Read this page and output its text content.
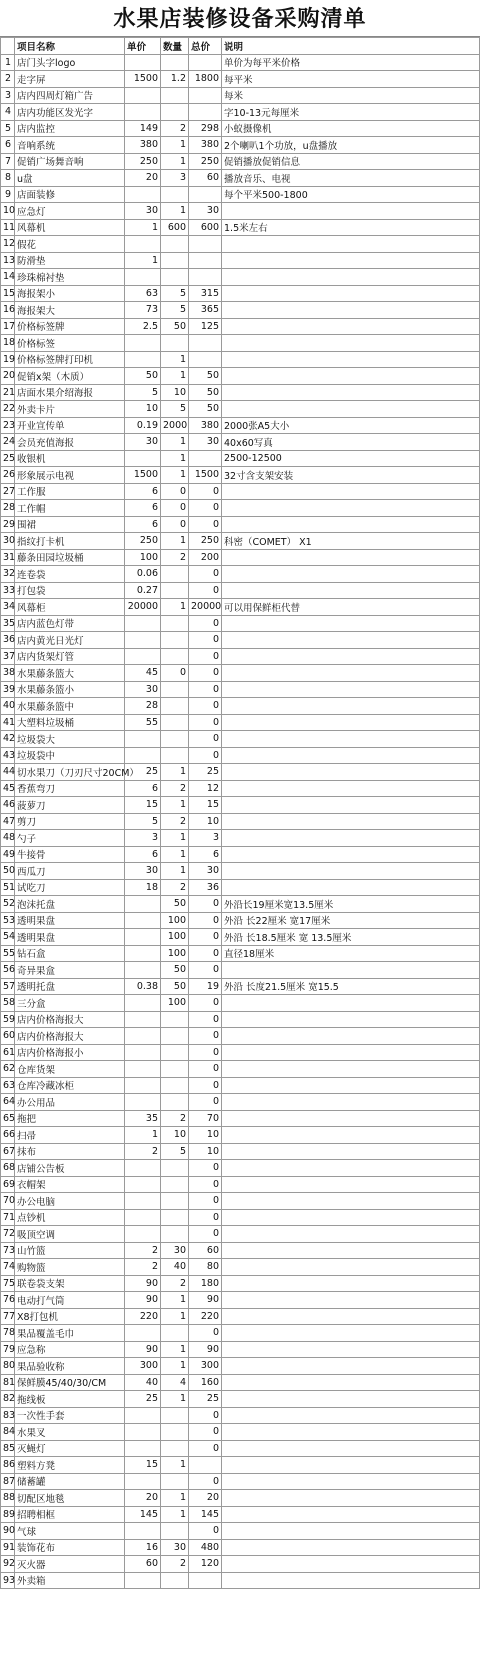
水果店装修设备采购清单
	项目名称	单价	数量	总价	说明
1	店门头字logo				单价为每平米价格
2	走字屏	1500	1.2	1800	每平米
3	店内四周灯箱广告				每米
4	店内功能区发光字				字10-13元每厘米
5	店内监控	149	2	298	小蚁摄像机
6	音响系统	380	1	380	2个喇叭1个功放，u盘播放
7	促销广场舞音响	250	1	250	促销播放促销信息
8	u盘	20	3	60	播放音乐、电视
9	店面装修				每个平米500-1800
10	应急灯	30	1	30	
11	风幕机	1	600	600	1.5米左右
12	假花				
13	防滑垫	1			
14	珍珠棉衬垫				
15	海报架小	63	5	315	
16	海报架大	73	5	365	
17	价格标签牌	2.5	50	125	
18	价格标签				
19	价格标签牌打印机		1		
20	促销x架（木质）	50	1	50	
21	店面水果介绍海报	5	10	50	
22	外卖卡片	10	5	50	
23	开业宣传单	0.19	2000	380	2000张A5大小
24	会员充值海报	30	1	30	40x60写真
25	收银机		1		2500-12500
26	形象展示电视	1500	1	1500	32寸含支架安装
27	工作服	6	0	0	
28	工作帽	6	0	0	
29	围裙	6	0	0	
30	指纹打卡机	250	1	250	科密（COMET） X1
31	藤条田园垃圾桶	100	2	200	
32	连卷袋	0.06		0	
33	打包袋	0.27		0	
34	风幕柜	20000	1	20000	可以用保鲜柜代替
35	店内蓝色灯带			0	
36	店内黄光日光灯			0	
37	店内货架灯管			0	
38	水果藤条篮大	45	0	0	
39	水果藤条篮小	30		0	
40	水果藤条篮中	28		0	
41	大塑料垃圾桶	55		0	
42	垃圾袋大			0	
43	垃圾袋中			0	
44	切水果刀（刀刃尺寸20CM）	25	1	25	
45	香蕉弯刀	6	2	12	
46	菠萝刀	15	1	15	
47	剪刀	5	2	10	
48	勺子	3	1	3	
49	牛接骨	6	1	6	
50	西瓜刀	30	1	30	
51	试吃刀	18	2	36	
52	泡沫托盘		50	0	外沿长19厘米宽13.5厘米
53	透明果盘		100	0	外沿 长22厘米 宽17厘米
54	透明果盘		100	0	外沿 长18.5厘米 宽 13.5厘米
55	钻石盒		100	0	直径18厘米
56	奇异果盒		50	0	
57	透明托盘	0.38	50	19	外沿 长度21.5厘米 宽15.5
58	三分盒		100	0	
59	店内价格海报大			0	
60	店内价格海报大			0	
61	店内价格海报小			0	
62	仓库货架			0	
63	仓库冷藏冰柜			0	
64	办公用品			0	
65	拖把	35	2	70	
66	扫帚	1	10	10	
67	抹布	2	5	10	
68	店铺公告板			0	
69	衣帽架			0	
70	办公电脑			0	
71	点钞机			0	
72	吸顶空调			0	
73	山竹篮	2	30	60	
74	购物篮	2	40	80	
75	联卷袋支架	90	2	180	
76	电动打气筒	90	1	90	
77	X8打包机	220	1	220	
78	果品覆盖毛巾			0	
79	应急称	90	1	90	
80	果品验收称	300	1	300	
81	保鲜膜45/40/30/CM	40	4	160	
82	拖线板	25	1	25	
83	一次性手套			0	
84	水果叉			0	
85	灭蝇灯			0	
86	塑料方凳	15	1		
87	储蓄罐			0	
88	切配区地毯	20	1	20	
89	招聘相框	145	1	145	
90	气球			0	
91	装饰花布	16	30	480	
92	灭火器	60	2	120	
93	外卖箱				
